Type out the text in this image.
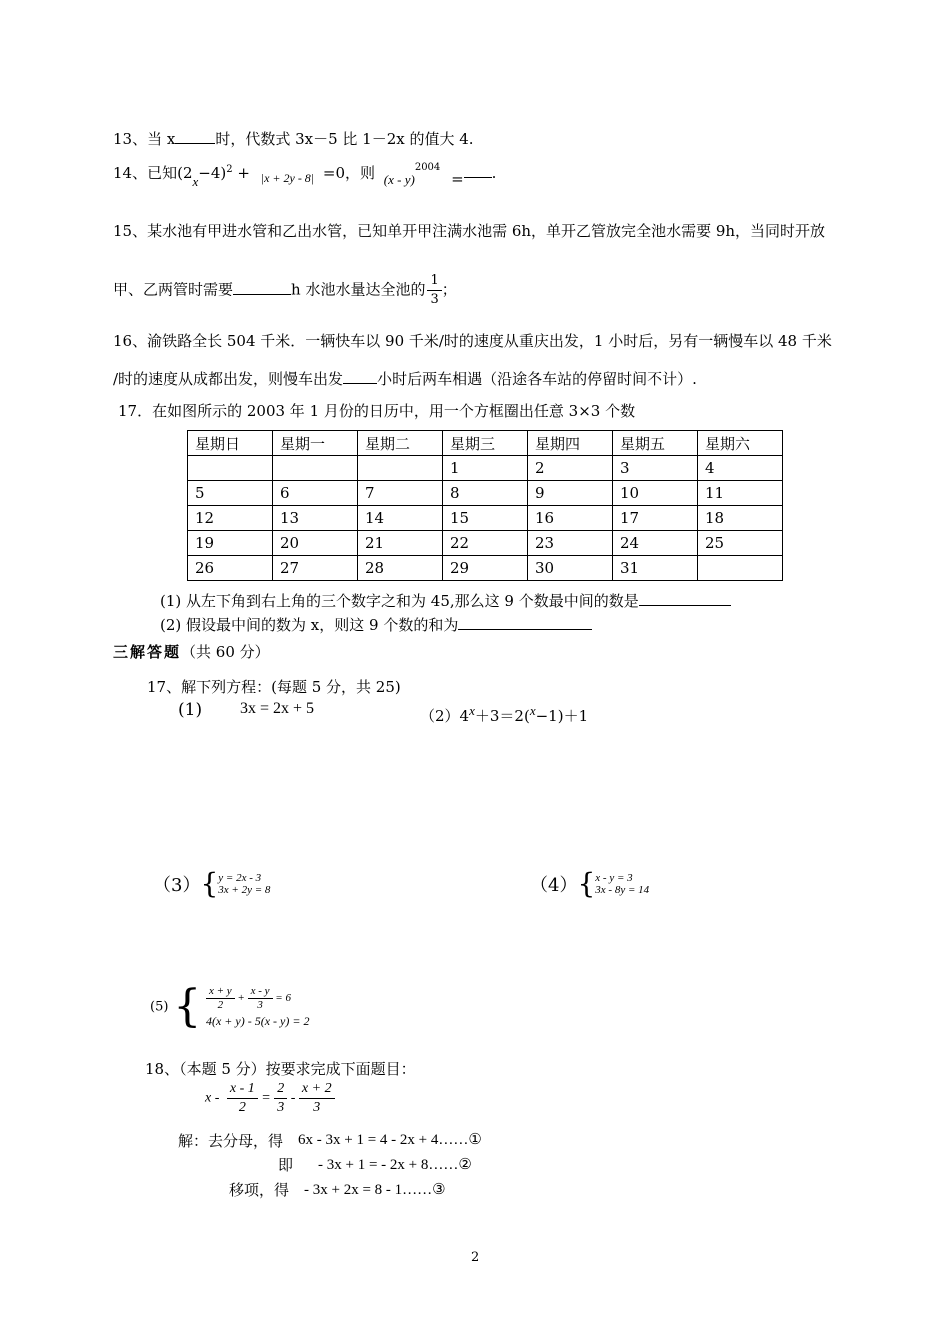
13、当 x	时，代数式 3x－5 比 1－2x 的值大 4.
14、已知$(2x-4)^2 + _{|x + 2y - 8|} =0$，则 (x - y)$^{2004}$ = .
15、某水池有甲进水管和乙出水管，已知单开甲注满水池需 6h，单开乙管放完全池水需要 9h，当同时开放
甲、乙两管时需要	h 水池水量达全池的 $\frac{1}{3}$ ；
16、渝铁路全长 504 千米．一辆快车以 90 千米/时的速度从重庆出发，1 小时后，另有一辆慢车以 48 千米
/时的速度从成都出发，则慢车出发 小时后两车相遇（沿途各车站的停留时间不计）.
17．在如图所示的 2003 年 1 月份的日历中，用一个方框圈出任意 3×3 个数
星期日	星期一	星期二	星期三	星期四	星期五	星期六
			1	2	3	4
5	6	7	8	9	10	11
12	13	14	15	16	17	18
19	20	21	22	23	24	25
26	27	28	29	30	31	
(1) 从左下角到右上角的三个数字之和为 45,那么这 9 个数最中间的数是
(2) 假设最中间的数为 x，则这 9 个数的和为
三解答题（共 60 分）
17、解下列方程：(每题 5 分，共 25)
(1) 3x = 2x + 5	$(2)4^x+3=2(^x-1)+1$
（3）{ y = 2x - 3
3x + 2y = 8	（4）{ x - y = 3
3x - 8y = 14
(5) { $\frac{x + y}{2} + \frac{x - y}{3} = 6$
4(x + y) - 5(x - y) = 2
18、（本题 5 分）按要求完成下面题目：
$x - \frac{x - 1}{2} = \frac{2}{3} - \frac{x + 2}{3}$
解：去分母，得 6x - 3x + 1 = 4 - 2x + 4……①
即 - 3x + 1 = - 2x + 8……②
移项，得 - 3x + 2x = 8 - 1……③
2
